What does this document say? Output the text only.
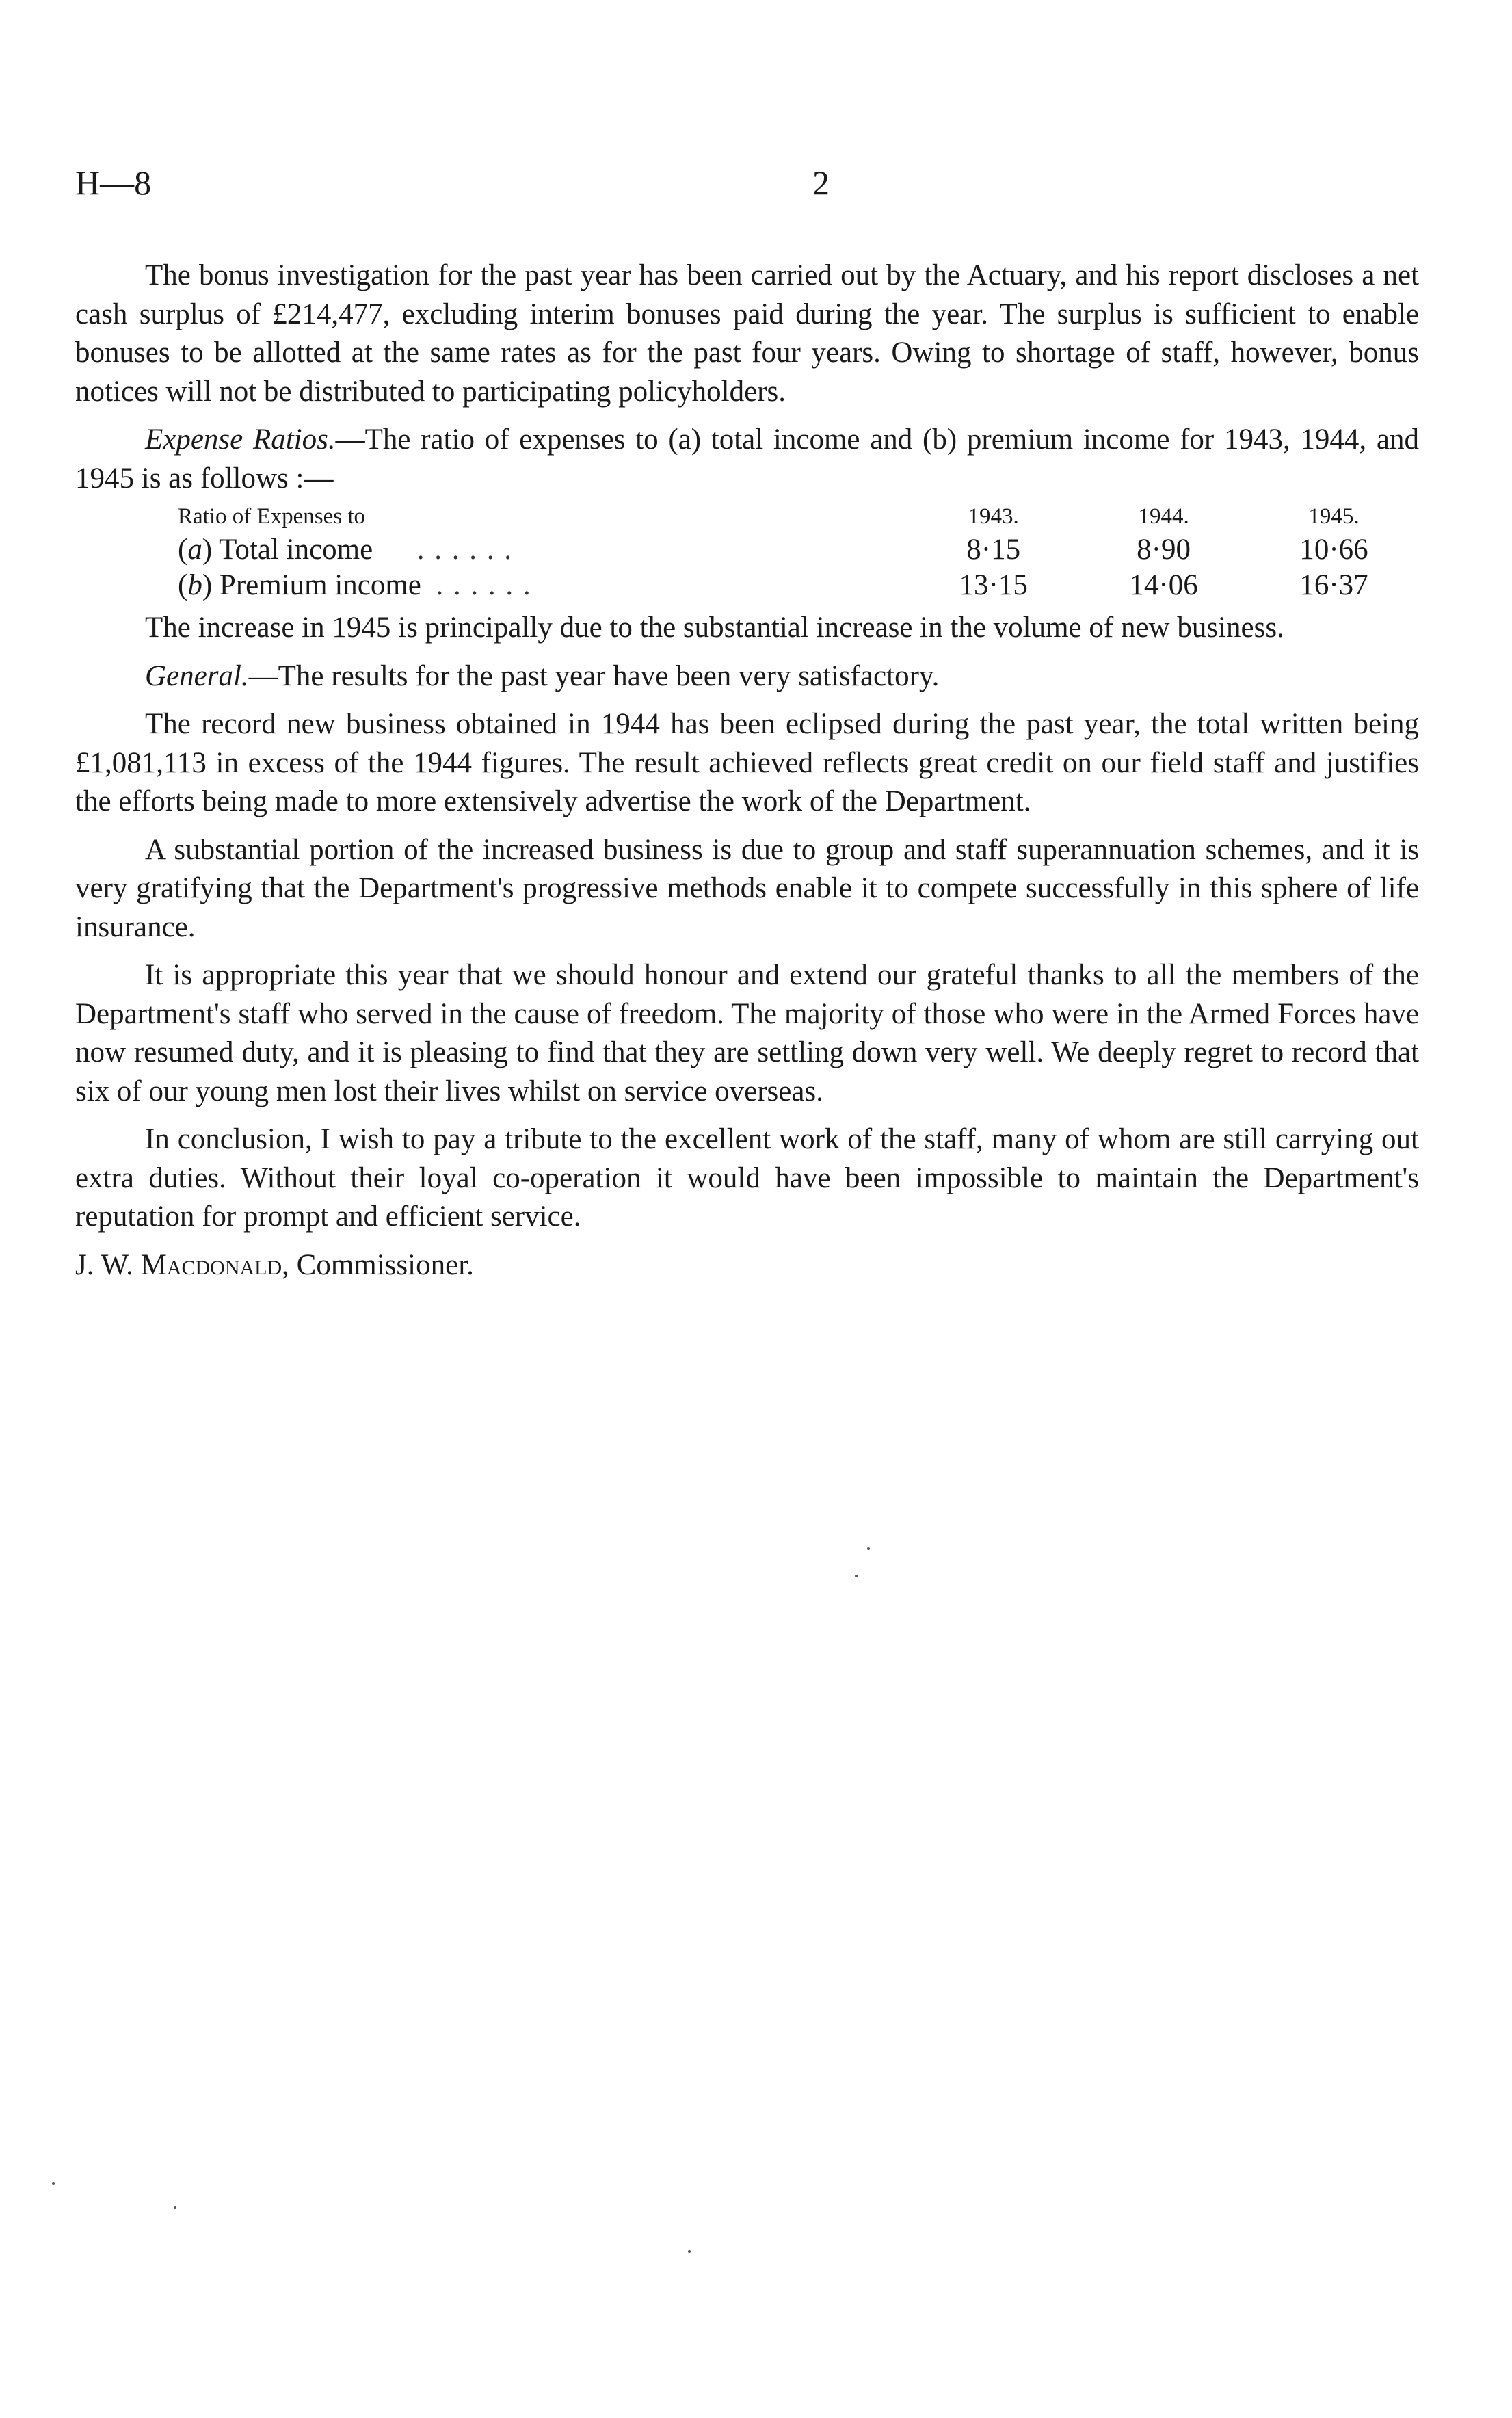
H—8	2

The bonus investigation for the past year has been carried out by the Actuary, and his report discloses a net cash surplus of £214,477, excluding interim bonuses paid during the year. The surplus is sufficient to enable bonuses to be allotted at the same rates as for the past four years. Owing to shortage of staff, however, bonus notices will not be distributed to participating policyholders.

Expense Ratios.—The ratio of expenses to (a) total income and (b) premium income for 1943, 1944, and 1945 is as follows :—

Ratio of Expenses to	1943.	1944.	1945.
(a) Total income . . . . . .	8·15	8·90	10·66
(b) Premium income . . . . . .	13·15	14·06	16·37

The increase in 1945 is principally due to the substantial increase in the volume of new business.

General.—The results for the past year have been very satisfactory.

The record new business obtained in 1944 has been eclipsed during the past year, the total written being £1,081,113 in excess of the 1944 figures. The result achieved reflects great credit on our field staff and justifies the efforts being made to more extensively advertise the work of the Department.

A substantial portion of the increased business is due to group and staff superannuation schemes, and it is very gratifying that the Department's progressive methods enable it to compete successfully in this sphere of life insurance.

It is appropriate this year that we should honour and extend our grateful thanks to all the members of the Department's staff who served in the cause of freedom. The majority of those who were in the Armed Forces have now resumed duty, and it is pleasing to find that they are settling down very well. We deeply regret to record that six of our young men lost their lives whilst on service overseas.

In conclusion, I wish to pay a tribute to the excellent work of the staff, many of whom are still carrying out extra duties. Without their loyal co-operation it would have been impossible to maintain the Department's reputation for prompt and efficient service.

J. W. Macdonald, Commissioner.
